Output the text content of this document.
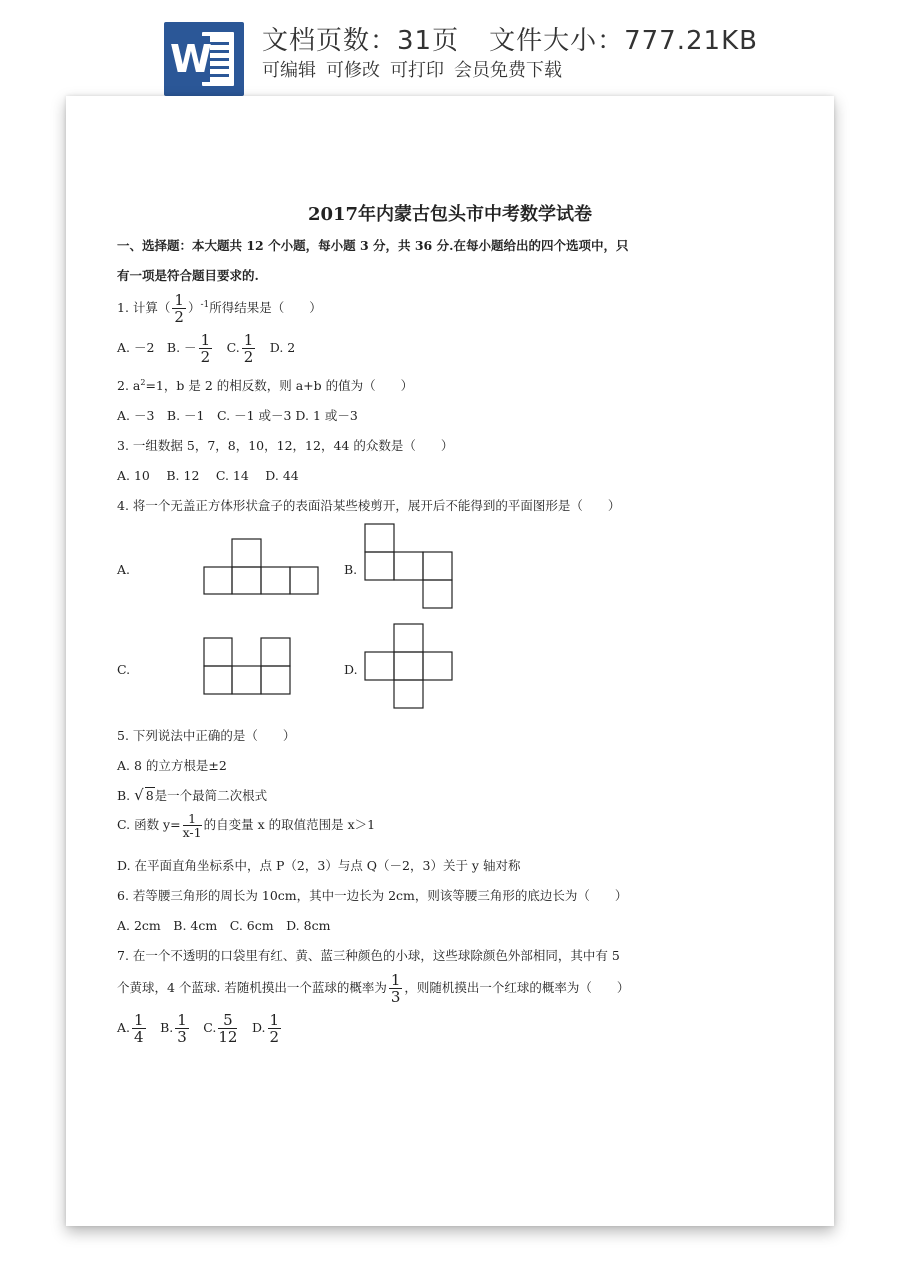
W 文档页数：31页 文件大小：777.21KB
可编辑 可修改 可打印 会员免费下载
2017年内蒙古包头市中考数学试卷
一、选择题：本大题共 12 个小题，每小题 3 分，共 36 分.在每小题给出的四个选项中，只
有一项是符合题目要求的.
1. 计算（ $\frac{1}{2} )^{-1}$所得结果是（　　）
A. －2　B. － $\frac{1}{2}$ 　C. $\frac{1}{2}$ 　D. 2
2. $a^2=1$，b 是 2 的相反数，则 a+b 的值为（　　）
A. －3　B. －1　C. －1 或－3 D. 1 或－3
3. 一组数据 5，7，8，10，12，12，44 的众数是（　　）
A. 10　 B. 12　 C. 14　 D. 44
4. 将一个无盖正方体形状盒子的表面沿某些棱剪开，展开后不能得到的平面图形是（　　）
A.	B.
C.	D.
5. 下列说法中正确的是（　　）
A. 8 的立方根是±2
B. √ 8是一个最简二次根式
C. 函数 $y= \frac{1}{x-1}$ 的自变量 x 的取值范围是 x＞1
D. 在平面直角坐标系中，点 P（2，3）与点 Q（－2，3）关于 y 轴对称
6. 若等腰三角形的周长为 10cm，其中一边长为 2cm，则该等腰三角形的底边长为（　　）
A. 2cm　B. 4cm　C. 6cm　D. 8cm
7. 在一个不透明的口袋里有红、黄、蓝三种颜色的小球，这些球除颜色外部相同，其中有 5
个黄球，4 个蓝球. 若随机摸出一个蓝球的概率为 $\frac{1}{3}$ ，则随机摸出一个红球的概率为（　　）
A. $\frac{1}{4}$ 　B. $\frac{1}{3}$ 　C. $\frac{5}{12}$ 　D. $\frac{1}{2}$
